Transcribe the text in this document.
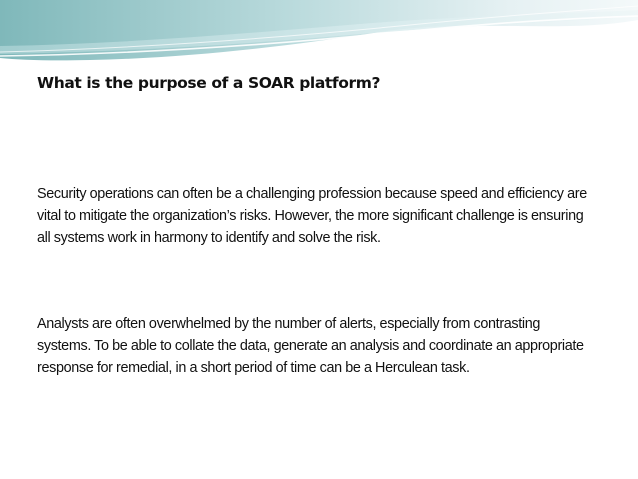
What is the purpose of a SOAR platform?

Security operations can often be a challenging profession because speed and efficiency are vital to mitigate the organization’s risks. However, the more significant challenge is ensuring all systems work in harmony to identify and solve the risk.

Analysts are often overwhelmed by the number of alerts, especially from contrasting systems. To be able to collate the data, generate an analysis and coordinate an appropriate response for remedial, in a short period of time can be a Herculean task.
